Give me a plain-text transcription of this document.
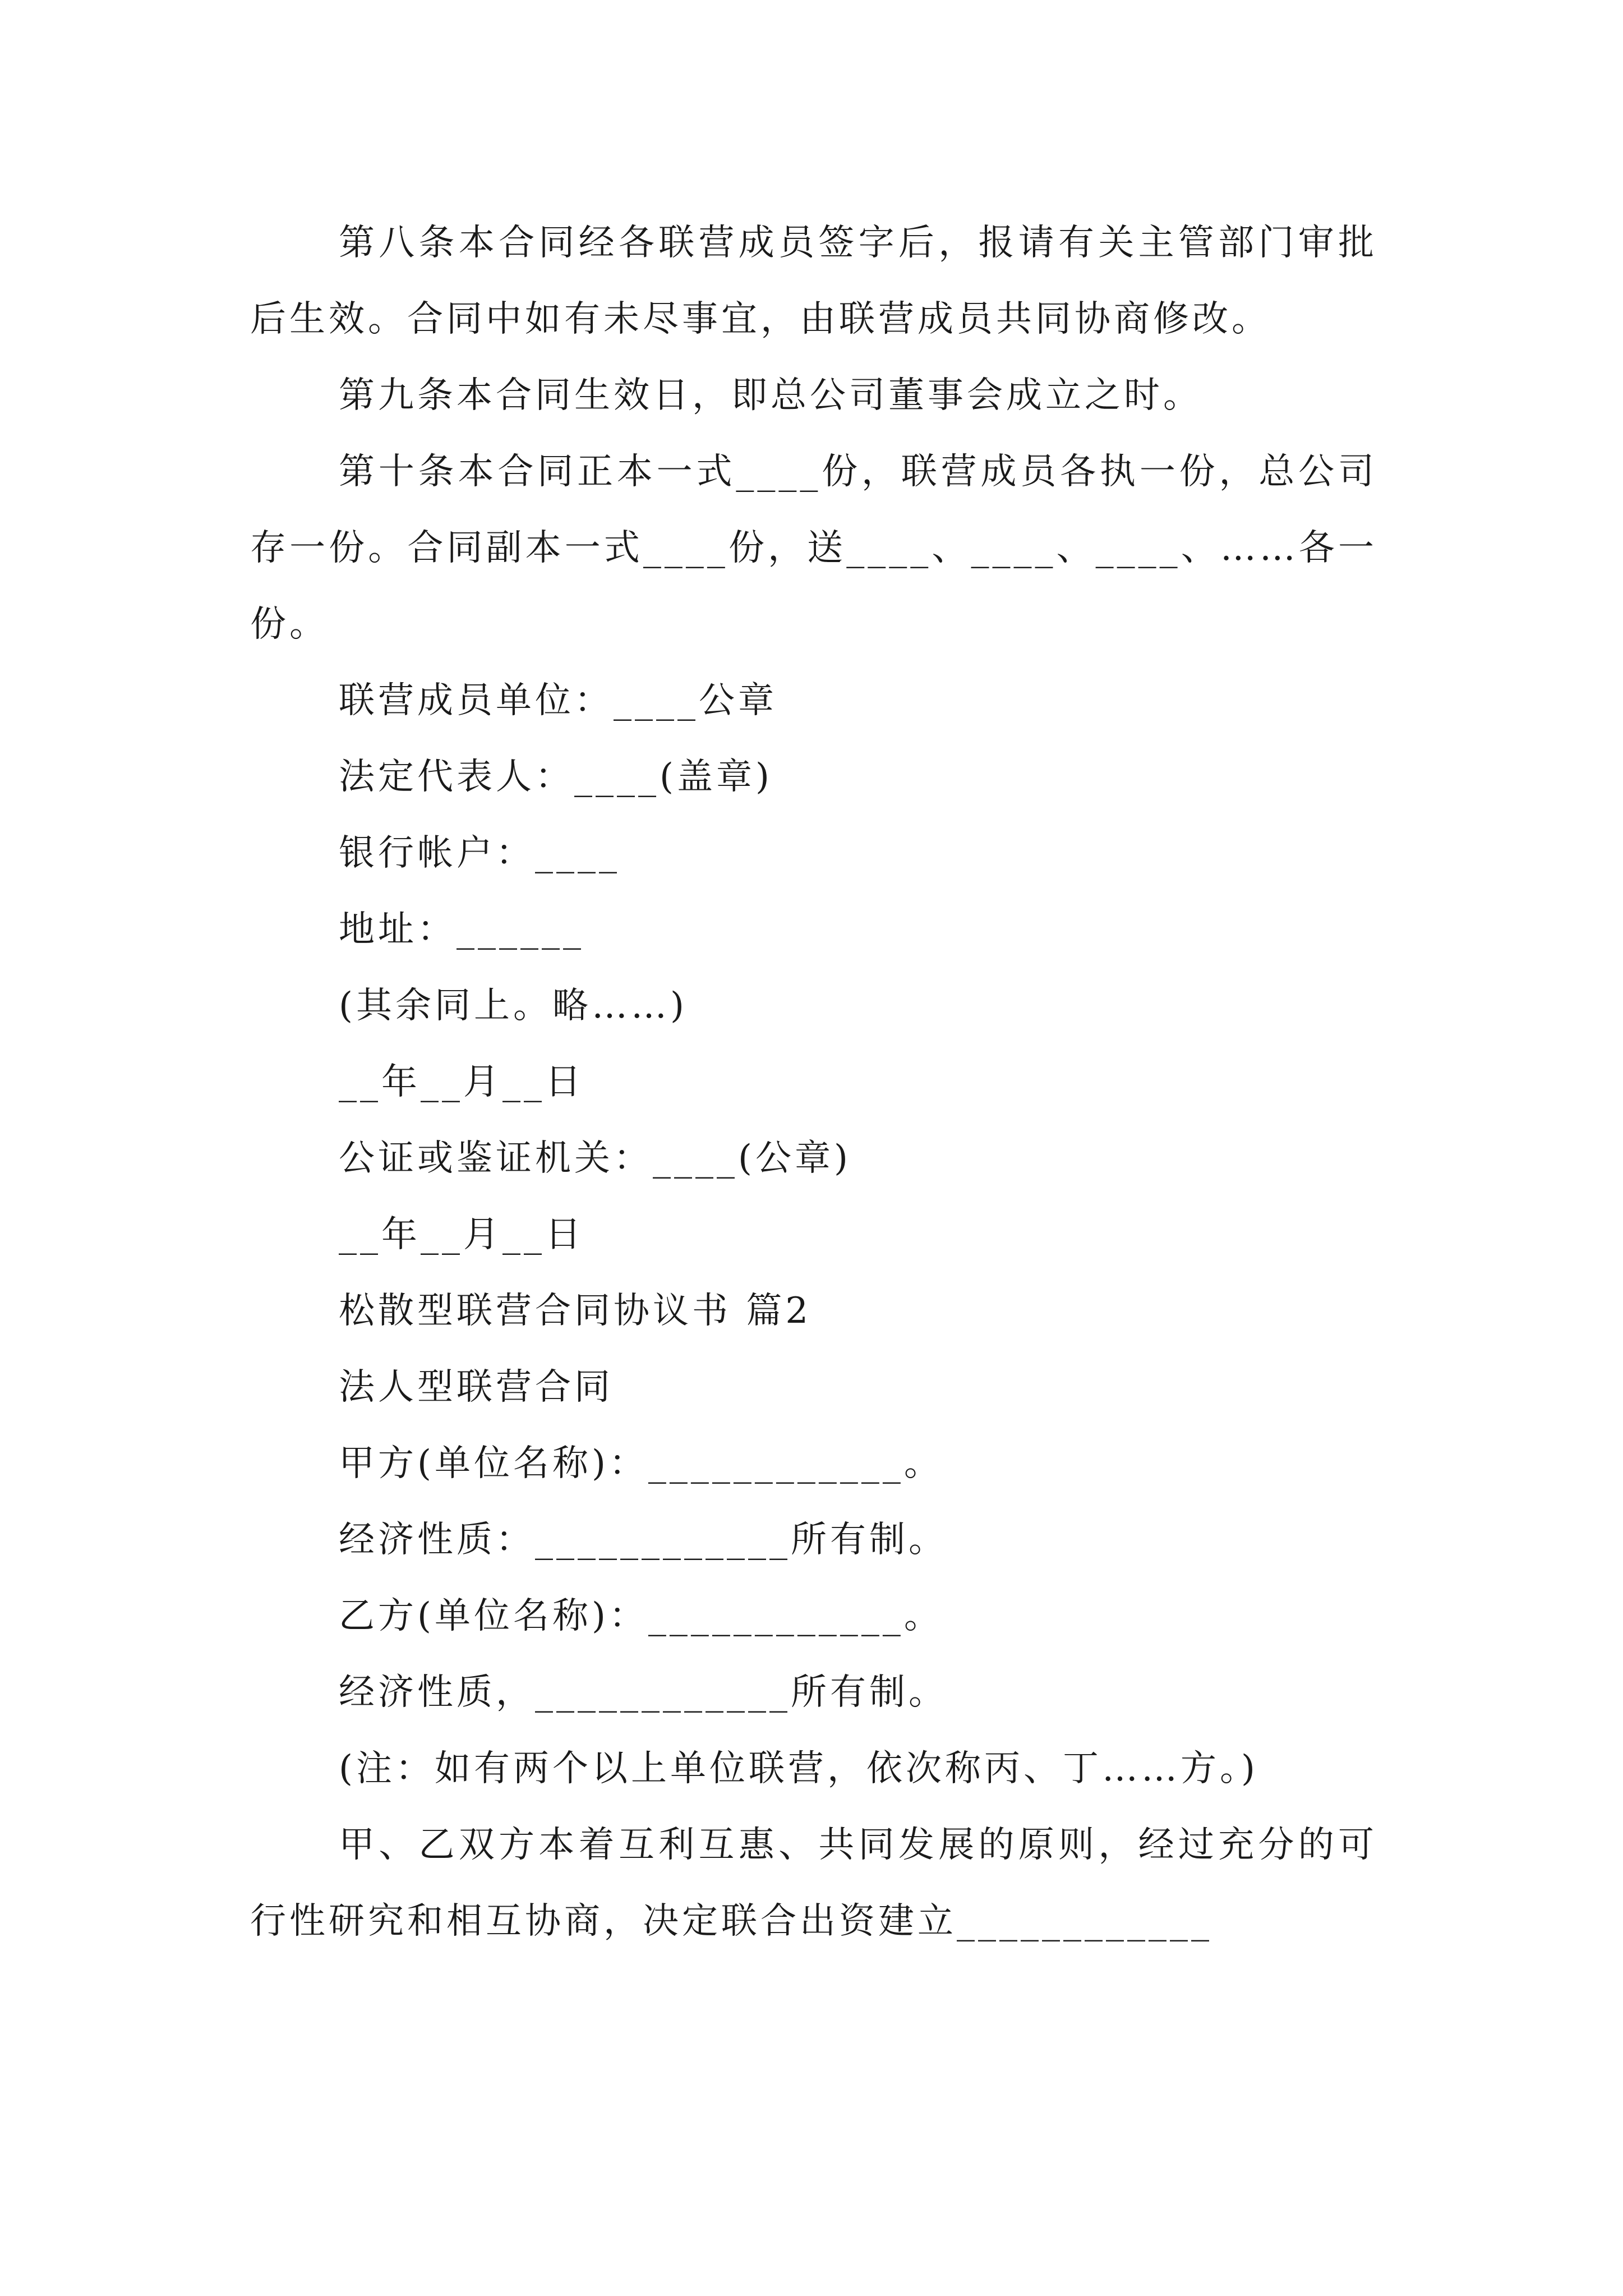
第八条本合同经各联营成员签字后，报请有关主管部门审批后生效。合同中如有未尽事宜，由联营成员共同协商修改。

第九条本合同生效日，即总公司董事会成立之时。

第十条本合同正本一式____份，联营成员各执一份，总公司存一份。合同副本一式____份，送____、____、____、……各一份。

联营成员单位：____公章
法定代表人：____(盖章)
银行帐户：____
地址：______
(其余同上。略……)
__年__月__日
公证或鉴证机关：____(公章)
__年__月__日
松散型联营合同协议书 篇2
法人型联营合同
甲方(单位名称)：____________。
经济性质：____________所有制。
乙方(单位名称)：____________。
经济性质，____________所有制。
(注：如有两个以上单位联营，依次称丙、丁……方。)

甲、乙双方本着互利互惠、共同发展的原则，经过充分的可行性研究和相互协商，决定联合出资建立____________
